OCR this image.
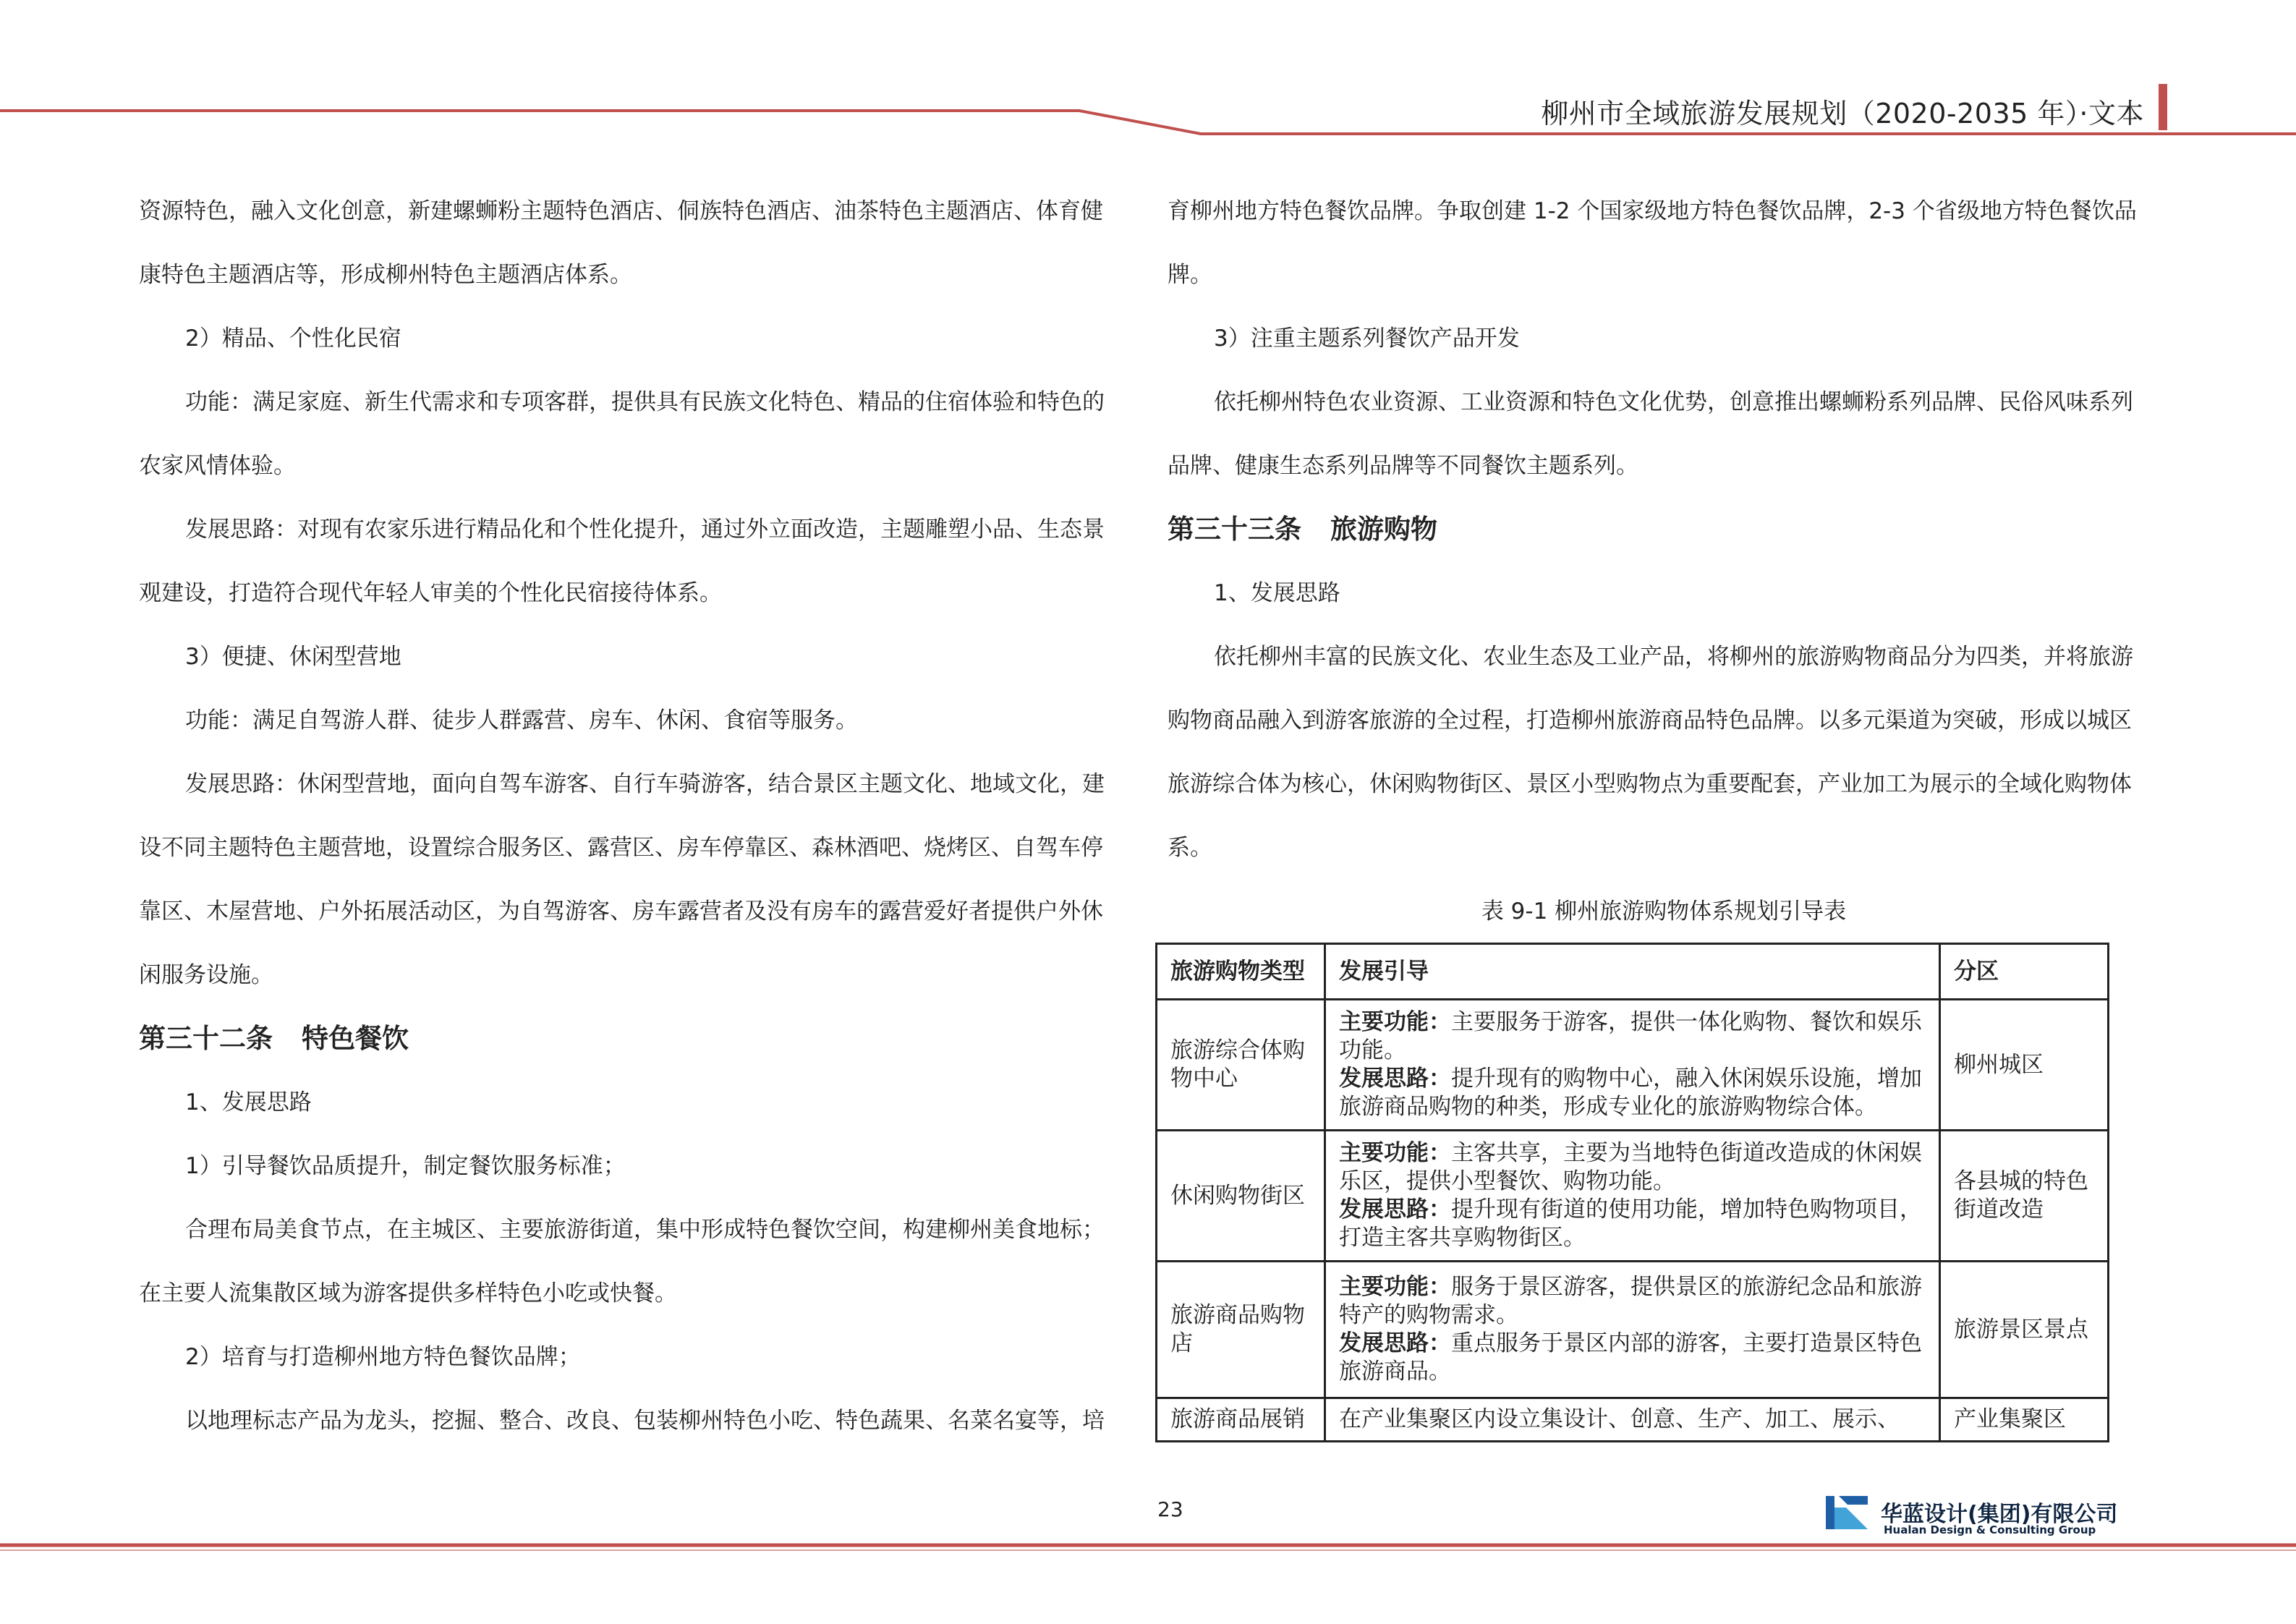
柳州市全域旅游发展规划（2020-2035 年）·文本

资源特色，融入文化创意，新建螺蛳粉主题特色酒店、侗族特色酒店、油茶特色主题酒店、体育健

康特色主题酒店等，形成柳州特色主题酒店体系。

2）精品、个性化民宿

功能：满足家庭、新生代需求和专项客群，提供具有民族文化特色、精品的住宿体验和特色的

农家风情体验。

发展思路：对现有农家乐进行精品化和个性化提升，通过外立面改造，主题雕塑小品、生态景

观建设，打造符合现代年轻人审美的个性化民宿接待体系。

3）便捷、休闲型营地

功能：满足自驾游人群、徒步人群露营、房车、休闲、食宿等服务。

发展思路：休闲型营地，面向自驾车游客、自行车骑游客，结合景区主题文化、地域文化，建

设不同主题特色主题营地，设置综合服务区、露营区、房车停靠区、森林酒吧、烧烤区、自驾车停

靠区、木屋营地、户外拓展活动区，为自驾游客、房车露营者及没有房车的露营爱好者提供户外休

闲服务设施。

第三十二条 特色餐饮

1、发展思路

1）引导餐饮品质提升，制定餐饮服务标准；

合理布局美食节点，在主城区、主要旅游街道，集中形成特色餐饮空间，构建柳州美食地标；

在主要人流集散区域为游客提供多样特色小吃或快餐。

2）培育与打造柳州地方特色餐饮品牌；

以地理标志产品为龙头，挖掘、整合、改良、包装柳州特色小吃、特色蔬果、名菜名宴等，培

育柳州地方特色餐饮品牌。争取创建 1-2 个国家级地方特色餐饮品牌，2-3 个省级地方特色餐饮品

牌。

3）注重主题系列餐饮产品开发

依托柳州特色农业资源、工业资源和特色文化优势，创意推出螺蛳粉系列品牌、民俗风味系列

品牌、健康生态系列品牌等不同餐饮主题系列。

第三十三条 旅游购物

1、发展思路

依托柳州丰富的民族文化、农业生态及工业产品，将柳州的旅游购物商品分为四类，并将旅游

购物商品融入到游客旅游的全过程，打造柳州旅游商品特色品牌。以多元渠道为突破，形成以城区

旅游综合体为核心，休闲购物街区、景区小型购物点为重要配套，产业加工为展示的全域化购物体

系。

表 9-1 柳州旅游购物体系规划引导表

旅游购物类型	发展引导	分区
旅游综合体购物中心	主要功能：主要服务于游客，提供一体化购物、餐饮和娱乐功能。

发展思路：提升现有的购物中心，融入休闲娱乐设施，增加旅游商品购物的种类，形成专业化的旅游购物综合体。	柳州城区
休闲购物街区	主要功能：主客共享，主要为当地特色街道改造成的休闲娱乐区，提供小型餐饮、购物功能。

发展思路：提升现有街道的使用功能，增加特色购物项目，打造主客共享购物街区。	各县城的特色街道改造
旅游商品购物店	主要功能：服务于景区游客，提供景区的旅游纪念品和旅游特产的购物需求。

发展思路：重点服务于景区内部的游客，主要打造景区特色旅游商品。	旅游景区景点
旅游商品展销	在产业集聚区内设立集设计、创意、生产、加工、展示、	产业集聚区
23	华蓝设计(集团)有限公司
Hualan Design & Consulting Group
